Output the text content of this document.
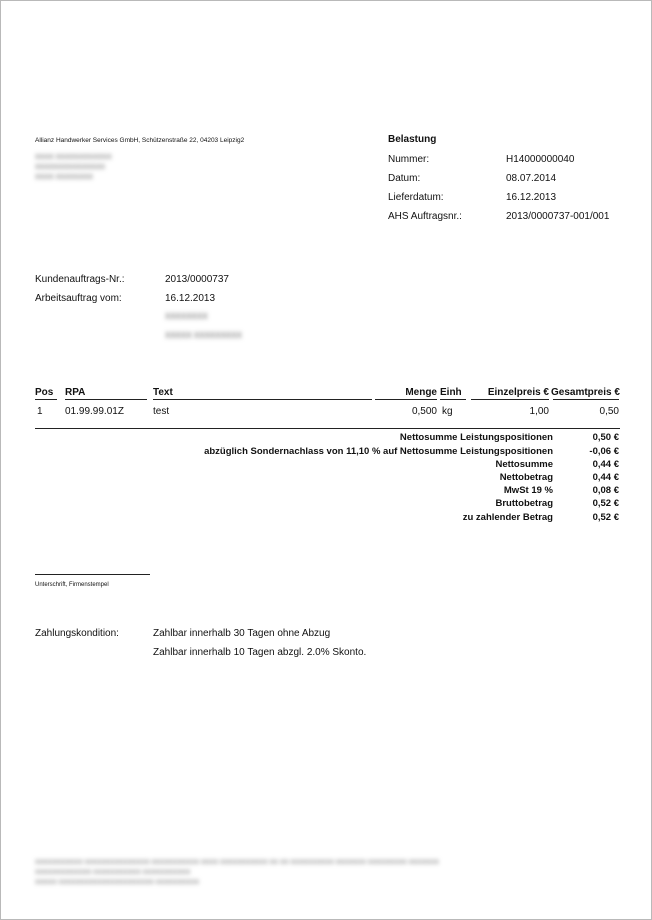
Allianz Handwerker Services GmbH, Schützenstraße 22, 04203 Leipzig2
XXXX XXXXXXXXXXXX
XXXXXXXXXXXXXXX
XXXX XXXXXXXX
Belastung
Nummer:	H14000000040
Datum:	08.07.2014
Lieferdatum:	16.12.2013
AHS Auftragsnr.:	2013/0000737-001/001
Kundenauftrags-Nr.:	2013/0000737
Arbeitsauftrag vom:	16.12.2013
XXXXXXXX
XXXXX XXXXXXXXX
Pos RPA	Text	Menge Einh	Einzelpreis € Gesamtpreis €
1 01.99.99.01Z	test	0,500 kg	1,00	0,50
Nettosumme Leistungspositionen	0,50 €
abzüglich Sondernachlass von 11,10 % auf Nettosumme Leistungspositionen	-0,06 €
Nettosumme	0,44 €
Nettobetrag	0,44 €
MwSt 19 %	0,08 €
Bruttobetrag	0,52 €
zu zahlender Betrag	0,52 €
Unterschrift, Firmenstempel
Zahlungskondition:	Zahlbar innerhalb 30 Tagen ohne Abzug
Zahlbar innerhalb 10 Tagen abzgl. 2.0% Skonto.
XXXXXXXXXXX XXXXXXXXXXXXXXX XXXXXXXXXXX XXXX XXXXXXXXXXX XX XX XXXXXXXXXX XXXXXXX XXXXXXXXX XXXXXXX
XXXXXXXXXXXXX XXXXXXXXXXX XXXXXXXXXXX
XXXXX XXXXXXXXXXXXXXXXXXXXXX XXXXXXXXXX
